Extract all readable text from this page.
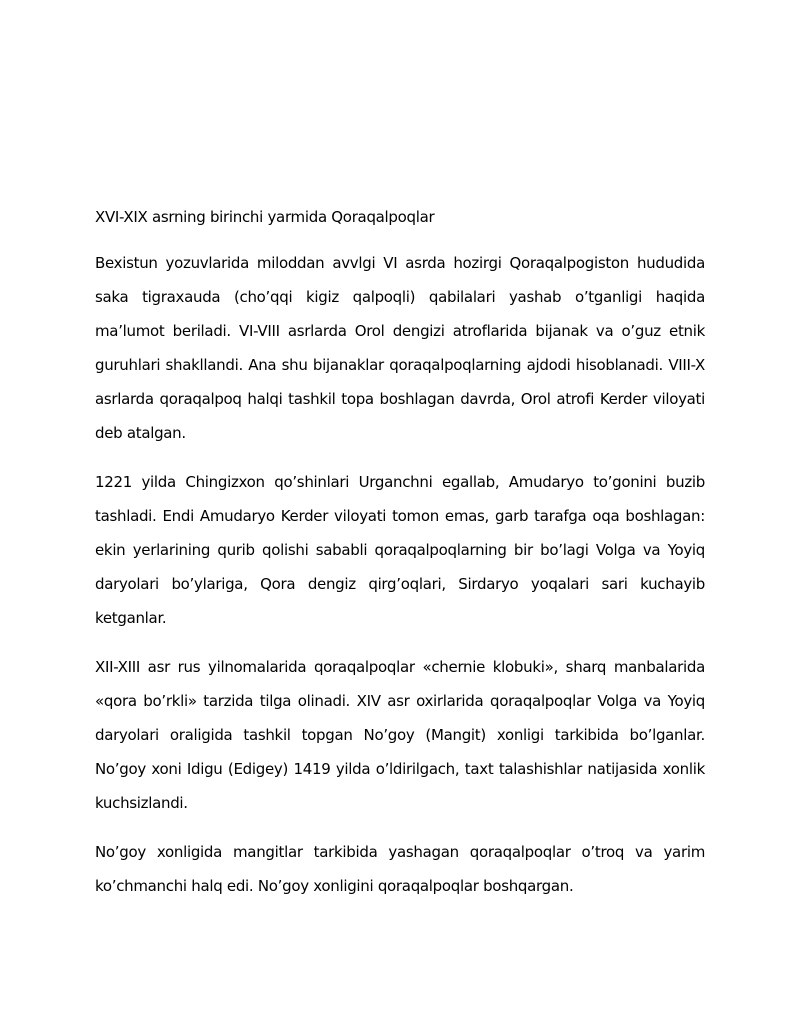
XVI-XIX asrning birinchi yarmida Qoraqalpoqlar

Bexistun yozuvlarida miloddan avvlgi VI asrda hozirgi Qoraqalpogiston hududida saka tigraxauda (cho’qqi kigiz qalpoqli) qabilalari yashab o’tganligi haqida ma’lumot beriladi. VI-VIII asrlarda Orol dengizi atroflarida bijanak va o’guz etnik guruhlari shakllandi. Ana shu bijanaklar qoraqalpoqlarning ajdodi hisoblanadi. VIII-X asrlarda qoraqalpoq halqi tashkil topa boshlagan davrda, Orol atrofi Kerder viloyati deb atalgan.

1221 yilda Chingizxon qo’shinlari Urganchni egallab, Amudaryo to’gonini buzib tashladi. Endi Amudaryo Kerder viloyati tomon emas, garb tarafga oqa boshlagan: ekin yerlarining qurib qolishi sababli qoraqalpoqlarning bir bo’lagi Volga va Yoyiq daryolari bo’ylariga, Qora dengiz qirg’oqlari, Sirdaryo yoqalari sari kuchayib ketganlar.

XII-XIII asr rus yilnomalarida qoraqalpoqlar «chernie klobuki», sharq manbalarida «qora bo’rkli» tarzida tilga olinadi. XIV asr oxirlarida qoraqalpoqlar Volga va Yoyiq daryolari oraligida tashkil topgan No’goy (Mangit) xonligi tarkibida bo’lganlar. No’goy xoni Idigu (Edigey) 1419 yilda o’ldirilgach, taxt talashishlar natijasida xonlik kuchsizlandi.

No’goy xonligida mangitlar tarkibida yashagan qoraqalpoqlar o’troq va yarim ko’chmanchi halq edi. No’goy xonligini qoraqalpoqlar boshqargan.
